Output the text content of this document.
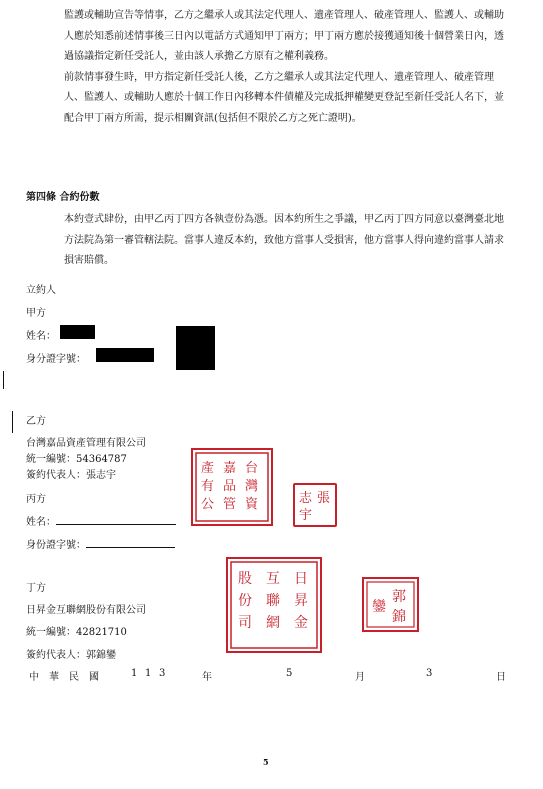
監護或輔助宣告等情事，乙方之繼承人或其法定代理人、遺產管理人、破產管理人、監護人、或輔助人應於知悉前述情事後三日內以電話方式通知甲丁兩方；甲丁兩方應於接獲通知後十個營業日內，透過協議指定新任受託人，並由該人承擔乙方原有之權利義務。

前款情事發生時，甲方指定新任受託人後，乙方之繼承人或其法定代理人、遺產管理人、破產管理人、監護人、或輔助人應於十個工作日內移轉本件債權及完成抵押權變更登記至新任受託人名下，並配合甲丁兩方所需，提示相關資訊(包括但不限於乙方之死亡證明)。

第四條 合約份數
本約壹式肆份，由甲乙丙丁四方各執壹份為憑。因本約所生之爭議，甲乙丙丁四方同意以臺灣臺北地方法院為第一審管轄法院。當事人違反本約，致他方當事人受損害，他方當事人得向違約當事人請求損害賠償。
立約人
甲方
姓名：
身分證字號：
乙方
台灣嘉品資產管理有限公司
統一編號：54364787
簽約代表人：張志宇
丙方
姓名：
身份證字號：
丁方
日昇金互聯網股份有限公司
統一編號：42821710
簽約代表人：郭錦鑾
台
灣
資
嘉
品
管
產
有
公	張
志
宇
日
昇
金
互
聯
網
股
份
司
郭
錦
鑾
中 華 民 國	1 1 3	年	5	月	3	日
5
